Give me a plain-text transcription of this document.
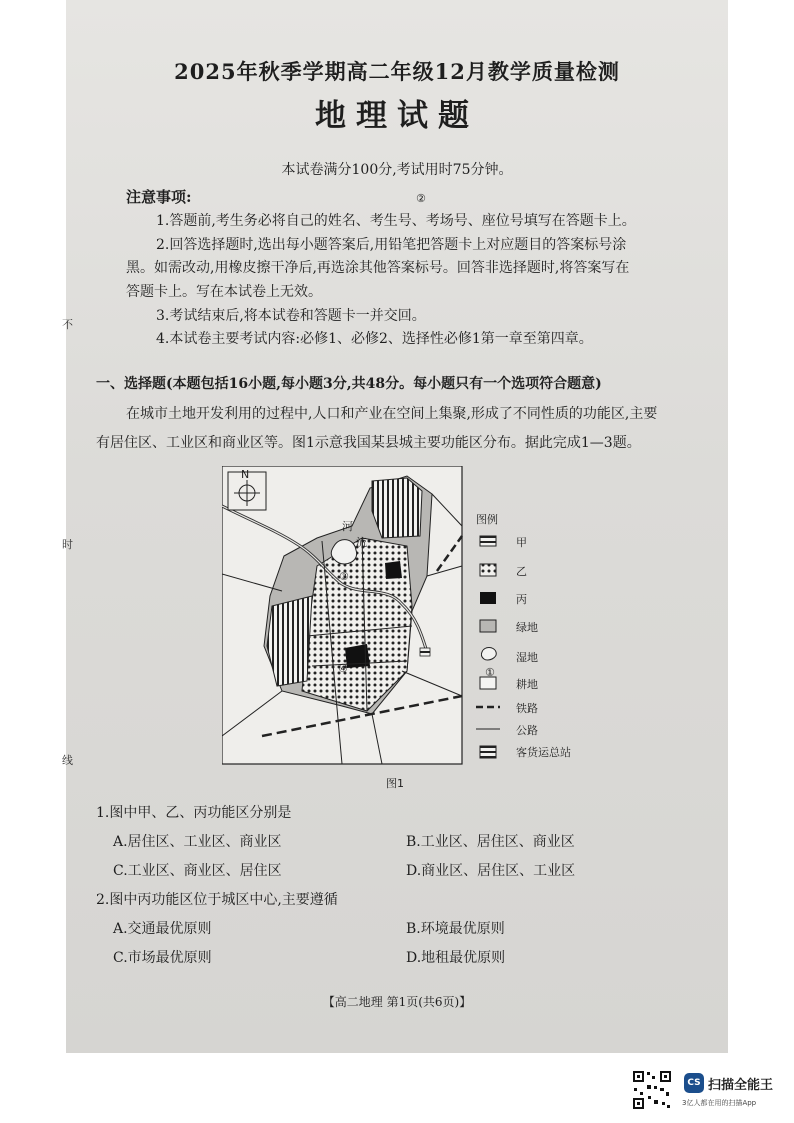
2025年秋季学期高二年级12月教学质量检测
地理试题
本试卷满分100分,考试用时75分钟。
注意事项:
1.答题前,考生务必将自己的姓名、考生号、考场号、座位号填写在答题卡上。
2.回答选择题时,选出每小题答案后,用铅笔把答题卡上对应题目的答案标号涂
黑。如需改动,用橡皮擦干净后,再选涂其他答案标号。回答非选择题时,将答案写在
答题卡上。写在本试卷上无效。
3.考试结束后,将本试卷和答题卡一并交回。
4.本试卷主要考试内容:必修1、必修2、选择性必修1第一章至第四章。
一、选择题(本题包括16小题,每小题3分,共48分。每小题只有一个选项符合题意)
在城市土地开发利用的过程中,人口和产业在空间上集聚,形成了不同性质的功能区,主要
有居住区、工业区和商业区等。图1示意我国某县城主要功能区分布。据此完成1—3题。
N
河
流
①
②
③
④
图例
甲
乙
丙
绿地
湿地
耕地
铁路
公路
客货运总站
图1
1.图中甲、乙、丙功能区分别是
A.居住区、工业区、商业区	B.工业区、居住区、商业区
C.工业区、商业区、居住区	D.商业区、居住区、工业区
2.图中丙功能区位于城区中心,主要遵循
A.交通最优原则	B.环境最优原则
C.市场最优原则	D.地租最优原则
【高二地理 第1页(共6页)】
不
时
线
CS 扫描全能王
3亿人都在用的扫描App
